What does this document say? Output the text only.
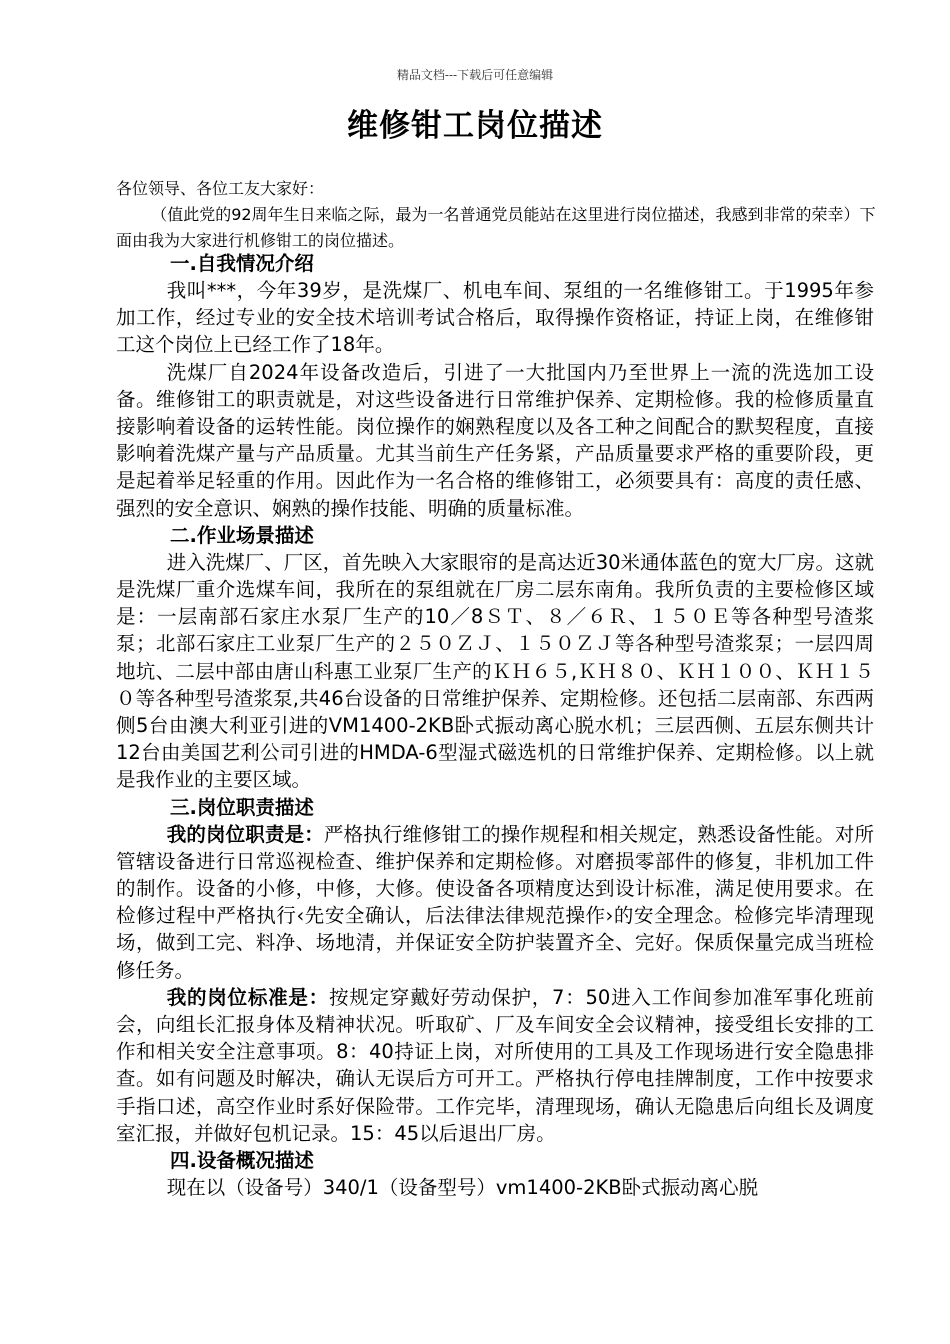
精品文档---下载后可任意编辑
维修钳工岗位描述
各位领导、各位工友大家好：

（值此党的92周年生日来临之际，最为一名普通党员能站在这里进行岗位描述，我感到非常的荣幸）下面由我为大家进行机修钳工的岗位描述。

一.自我情况介绍

我叫***，今年39岁，是洗煤厂、机电车间、泵组的一名维修钳工。于1995年参加工作，经过专业的安全技术培训考试合格后，取得操作资格证，持证上岗，在维修钳工这个岗位上已经工作了18年。

洗煤厂自2024年设备改造后，引进了一大批国内乃至世界上一流的洗选加工设备。维修钳工的职责就是，对这些设备进行日常维护保养、定期检修。我的检修质量直接影响着设备的运转性能。岗位操作的娴熟程度以及各工种之间配合的默契程度，直接影响着洗煤产量与产品质量。尤其当前生产任务紧，产品质量要求严格的重要阶段，更是起着举足轻重的作用。因此作为一名合格的维修钳工，必须要具有：高度的责任感、强烈的安全意识、娴熟的操作技能、明确的质量标准。

二.作业场景描述

进入洗煤厂、厂区，首先映入大家眼帘的是高达近30米通体蓝色的宽大厂房。这就是洗煤厂重介选煤车间，我所在的泵组就在厂房二层东南角。我所负责的主要检修区域是：一层南部石家庄水泵厂生产的10／8ＳＴ、８／６Ｒ、１５０Ｅ等各种型号渣浆泵；北部石家庄工业泵厂生产的２５０ＺＪ、１５０ＺＪ等各种型号渣浆泵；一层四周地坑、二层中部由唐山科惠工业泵厂生产的ＫＨ６５,ＫＨ８０、ＫＨ１００、ＫＨ１５０等各种型号渣浆泵,共46台设备的日常维护保养、定期检修。还包括二层南部、东西两侧5台由澳大利亚引进的VM1400-2KB卧式振动离心脱水机；三层西侧、五层东侧共计12台由美国艺利公司引进的HMDA-6型湿式磁选机的日常维护保养、定期检修。以上就是我作业的主要区域。

三.岗位职责描述

我的岗位职责是：严格执行维修钳工的操作规程和相关规定，熟悉设备性能。对所管辖设备进行日常巡视检查、维护保养和定期检修。对磨损零部件的修复，非机加工件的制作。设备的小修，中修，大修。使设备各项精度达到设计标准，满足使用要求。在检修过程中严格执行‹先安全确认，后法律法律规范操作›的安全理念。检修完毕清理现场，做到工完、料净、场地清，并保证安全防护装置齐全、完好。保质保量完成当班检修任务。

我的岗位标准是：按规定穿戴好劳动保护，7：50进入工作间参加准军事化班前会，向组长汇报身体及精神状况。听取矿、厂及车间安全会议精神，接受组长安排的工作和相关安全注意事项。8：40持证上岗，对所使用的工具及工作现场进行安全隐患排查。如有问题及时解决，确认无误后方可开工。严格执行停电挂牌制度，工作中按要求手指口述，高空作业时系好保险带。工作完毕，清理现场，确认无隐患后向组长及调度室汇报，并做好包机记录。15：45以后退出厂房。

四.设备概况描述

现在以（设备号）340/1（设备型号）vm1400-2KB卧式振动离心脱
